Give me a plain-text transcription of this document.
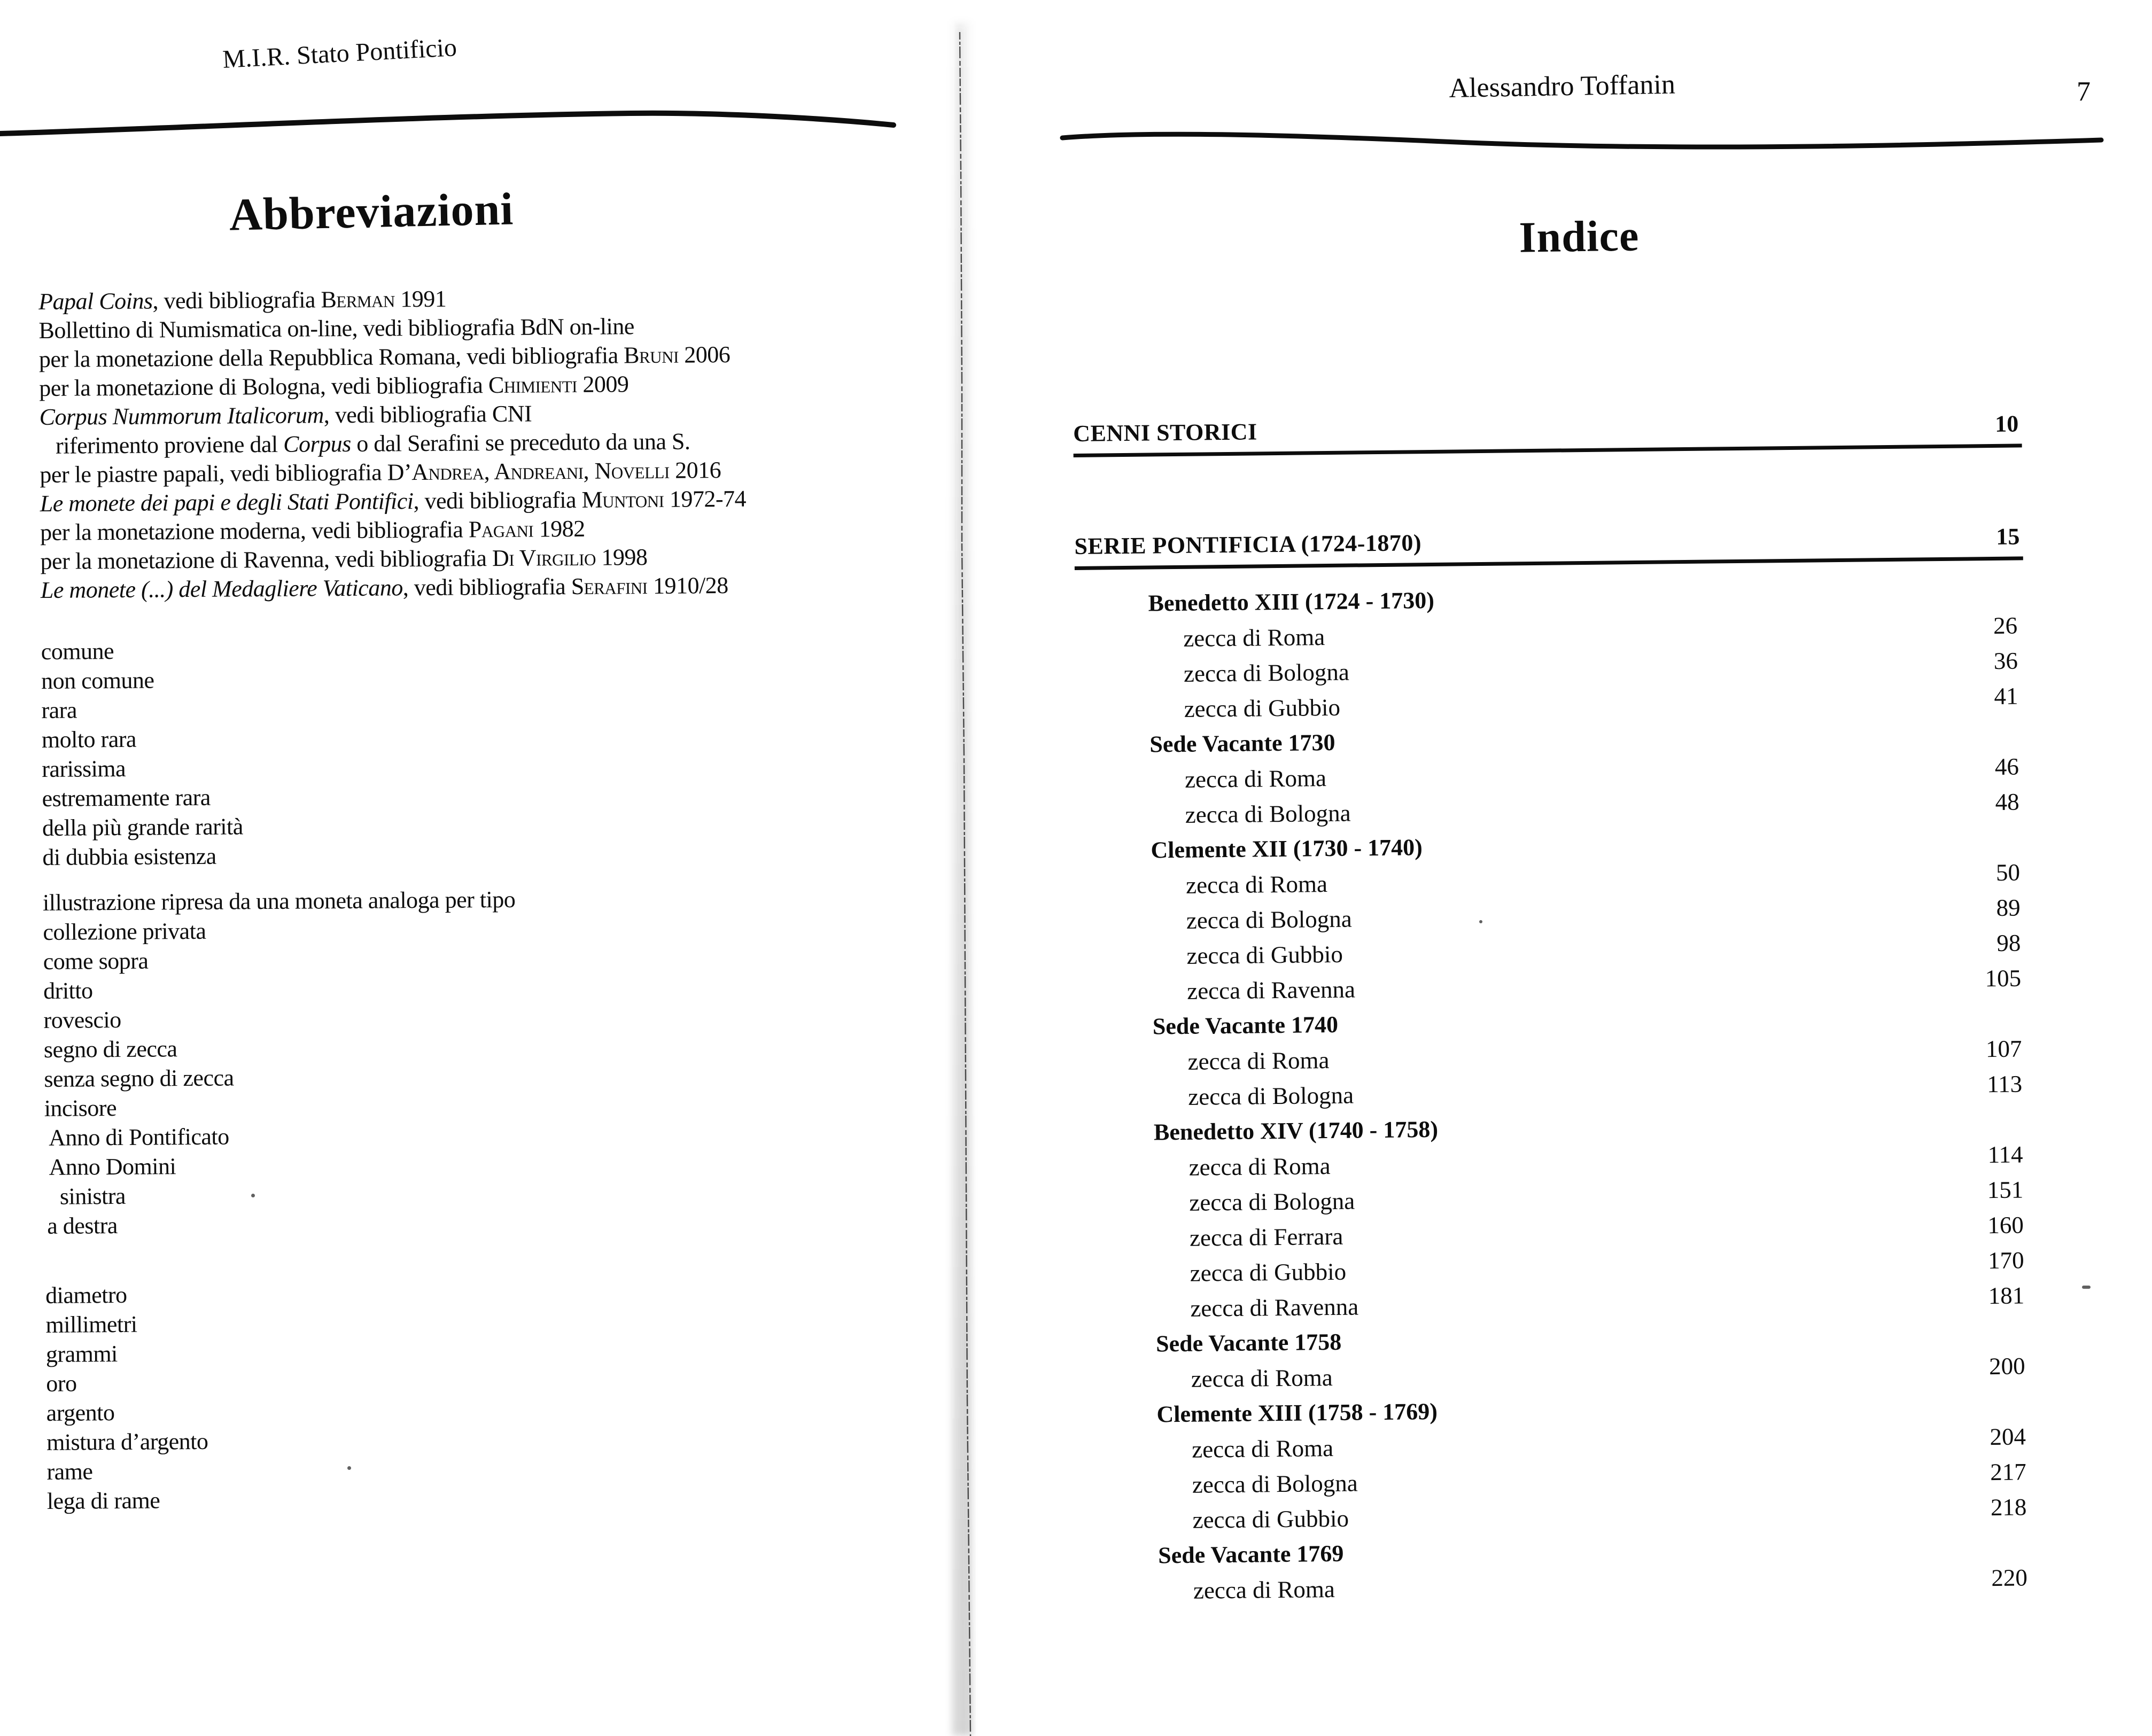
M.I.R. Stato Pontificio
Abbreviazioni
Papal Coins, vedi bibliografia Berman 1991
Bollettino di Numismatica on-line, vedi bibliografia BdN on-line
per la monetazione della Repubblica Romana, vedi bibliografia Bruni 2006
per la monetazione di Bologna, vedi bibliografia Chimienti 2009
Corpus Nummorum Italicorum, vedi bibliografia CNI
riferimento proviene dal Corpus o dal Serafini se preceduto da una S.
per le piastre papali, vedi bibliografia D’Andrea, Andreani, Novelli 2016
Le monete dei papi e degli Stati Pontifici, vedi bibliografia Muntoni 1972-74
per la monetazione moderna, vedi bibliografia Pagani 1982
per la monetazione di Ravenna, vedi bibliografia Di Virgilio 1998
Le monete (...) del Medagliere Vaticano, vedi bibliografia Serafini 1910/28
comune
non comune
rara
molto rara
rarissima
estremamente rara
della più grande rarità
di dubbia esistenza
illustrazione ripresa da una moneta analoga per tipo
collezione privata
come sopra
dritto
rovescio
segno di zecca
senza segno di zecca
incisore
Anno di Pontificato
Anno Domini
sinistra
a destra
diametro
millimetri
grammi
oro
argento
mistura d’argento
rame
lega di rame
Alessandro Toffanin	7
Indice
CENNI STORICI	10
SERIE PONTIFICIA (1724-1870)	15
Benedetto XIII (1724 - 1730)
zecca di Roma	26
zecca di Bologna	36
zecca di Gubbio	41
Sede Vacante 1730
zecca di Roma	46
zecca di Bologna	48
Clemente XII (1730 - 1740)
zecca di Roma	50
zecca di Bologna	89
zecca di Gubbio	98
zecca di Ravenna	105
Sede Vacante 1740
zecca di Roma	107
zecca di Bologna	113
Benedetto XIV (1740 - 1758)
zecca di Roma	114
zecca di Bologna	151
zecca di Ferrara	160
zecca di Gubbio	170
zecca di Ravenna	181
Sede Vacante 1758
zecca di Roma	200
Clemente XIII (1758 - 1769)
zecca di Roma	204
zecca di Bologna	217
zecca di Gubbio	218
Sede Vacante 1769
zecca di Roma	220
